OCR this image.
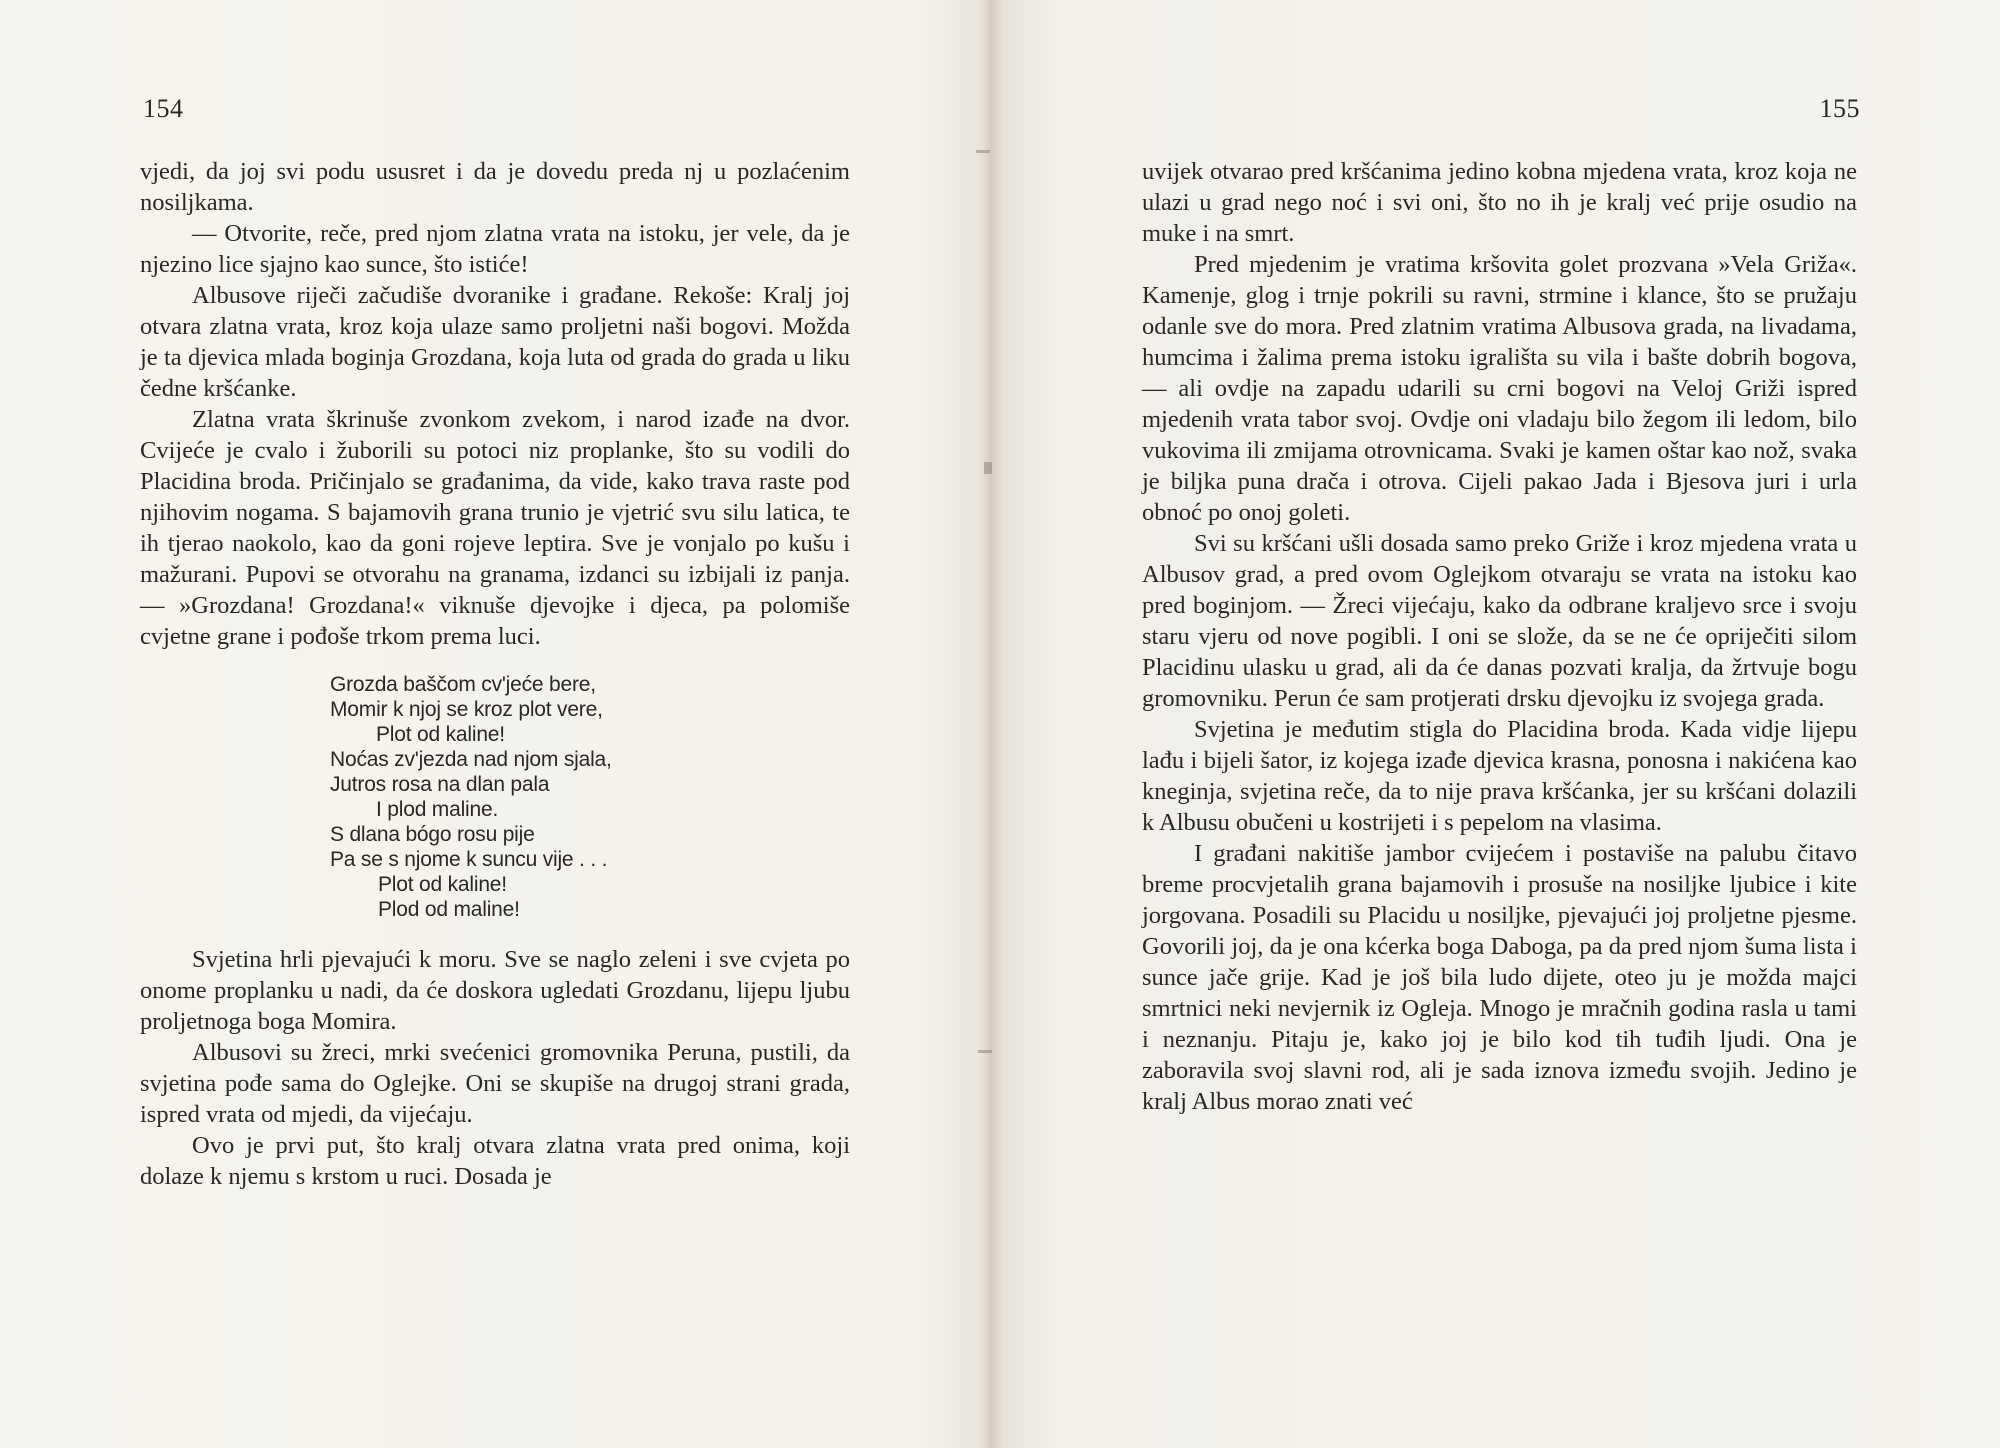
154

vjedi, da joj svi podu ususret i da je dovedu preda nj u pozlaćenim nosiljkama.

— Otvorite, reče, pred njom zlatna vrata na istoku, jer vele, da je njezino lice sjajno kao sunce, što istiće!

Albusove riječi začudiše dvoranike i građane. Rekoše: Kralj joj otvara zlatna vrata, kroz koja ulaze samo proljetni naši bogovi. Možda je ta djevica mlada boginja Grozdana, koja luta od grada do grada u liku čedne kršćanke.

Zlatna vrata škrinuše zvonkom zvekom, i narod izađe na dvor. Cvijeće je cvalo i žuborili su potoci niz proplanke, što su vodili do Placidina broda. Pričinjalo se građanima, da vide, kako trava raste pod njihovim nogama. S bajamovih grana trunio je vjetrić svu silu latica, te ih tjerao naokolo, kao da goni rojeve leptira. Sve je vonjalo po kušu i mažurani. Pupovi se otvorahu na granama, izdanci su izbijali iz panja. — »Grozdana! Grozdana!« viknuše djevojke i djeca, pa polomiše cvjetne grane i pođoše trkom prema luci.

Grozda baščom cv'jeće bere,
Momir k njoj se kroz plot vere,
Plot od kaline!
Noćas zv'jezda nad njom sjala,
Jutros rosa na dlan pala
I plod maline.
S dlana bógo rosu pije
Pa se s njome k suncu vije . . .
Plot od kaline!
Plod od maline!

Svjetina hrli pjevajući k moru. Sve se naglo zeleni i sve cvjeta po onome proplanku u nadi, da će doskora ugledati Grozdanu, lijepu ljubu proljetnoga boga Momira.

Albusovi su žreci, mrki svećenici gromovnika Peruna, pustili, da svjetina pođe sama do Oglejke. Oni se skupiše na drugoj strani grada, ispred vrata od mjedi, da vijećaju.

Ovo je prvi put, što kralj otvara zlatna vrata pred onima, koji dolaze k njemu s krstom u ruci. Dosada je

155

uvijek otvarao pred kršćanima jedino kobna mjedena vrata, kroz koja ne ulazi u grad nego noć i svi oni, što no ih je kralj već prije osudio na muke i na smrt.

Pred mjedenim je vratima kršovita golet prozvana »Vela Griža«. Kamenje, glog i trnje pokrili su ravni, strmine i klance, što se pružaju odanle sve do mora. Pred zlatnim vratima Albusova grada, na livadama, humcima i žalima prema istoku igrališta su vila i bašte dobrih bogova, — ali ovdje na zapadu udarili su crni bogovi na Veloj Griži ispred mjedenih vrata tabor svoj. Ovdje oni vladaju bilo žegom ili ledom, bilo vukovima ili zmijama otrovnicama. Svaki je kamen oštar kao nož, svaka je biljka puna drača i otrova. Cijeli pakao Jada i Bjesova juri i urla obnoć po onoj goleti.

Svi su kršćani ušli dosada samo preko Griže i kroz mjedena vrata u Albusov grad, a pred ovom Oglejkom otvaraju se vrata na istoku kao pred boginjom. — Žreci vijećaju, kako da odbrane kraljevo srce i svoju staru vjeru od nove pogibli. I oni se slože, da se ne će opriječiti silom Placidinu ulasku u grad, ali da će danas pozvati kralja, da žrtvuje bogu gromovniku. Perun će sam protjerati drsku djevojku iz svojega grada.

Svjetina je međutim stigla do Placidina broda. Kada vidje lijepu lađu i bijeli šator, iz kojega izađe djevica krasna, ponosna i nakićena kao kneginja, svjetina reče, da to nije prava kršćanka, jer su kršćani dolazili k Albusu obučeni u kostrijeti i s pepelom na vlasima.

I građani nakitiše jambor cvijećem i postaviše na palubu čitavo breme procvjetalih grana bajamovih i prosuše na nosiljke ljubice i kite jorgovana. Posadili su Placidu u nosiljke, pjevajući joj proljetne pjesme. Govorili joj, da je ona kćerka boga Daboga, pa da pred njom šuma lista i sunce jače grije. Kad je još bila ludo dijete, oteo ju je možda majci smrtnici neki nevjernik iz Ogleja. Mnogo je mračnih godina rasla u tami i neznanju. Pitaju je, kako joj je bilo kod tih tuđih ljudi. Ona je zaboravila svoj slavni rod, ali je sada iznova između svojih. Jedino je kralj Albus morao znati već
